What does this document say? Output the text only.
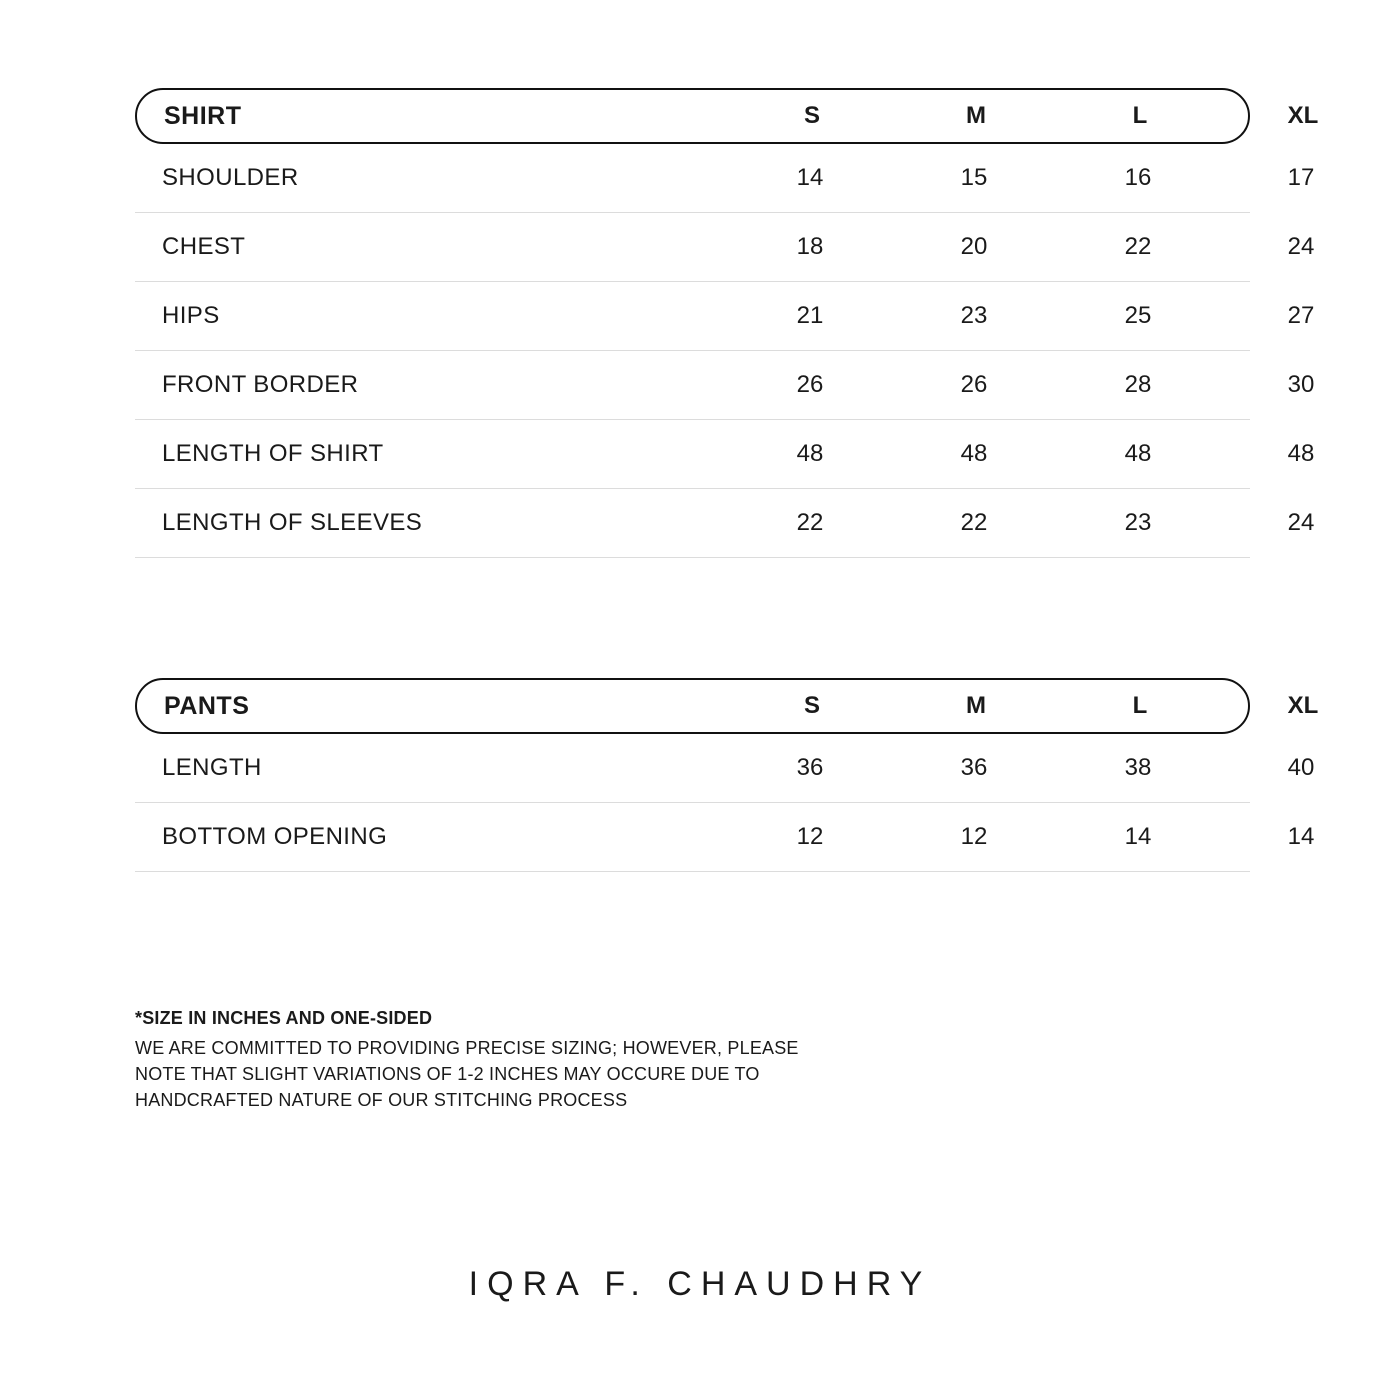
SHIRT	S	M	L	XL
SHOULDER	14	15	16	17
CHEST	18	20	22	24
HIPS	21	23	25	27
FRONT BORDER	26	26	28	30
LENGTH OF SHIRT	48	48	48	48
LENGTH OF SLEEVES	22	22	23	24
PANTS	S	M	L	XL
LENGTH	36	36	38	40
BOTTOM OPENING	12	12	14	14
*SIZE IN INCHES AND ONE-SIDED
WE ARE COMMITTED TO PROVIDING PRECISE SIZING; HOWEVER, PLEASE
NOTE THAT SLIGHT VARIATIONS OF 1-2 INCHES MAY OCCURE DUE TO
HANDCRAFTED NATURE OF OUR STITCHING PROCESS
IQRA F. CHAUDHRY
